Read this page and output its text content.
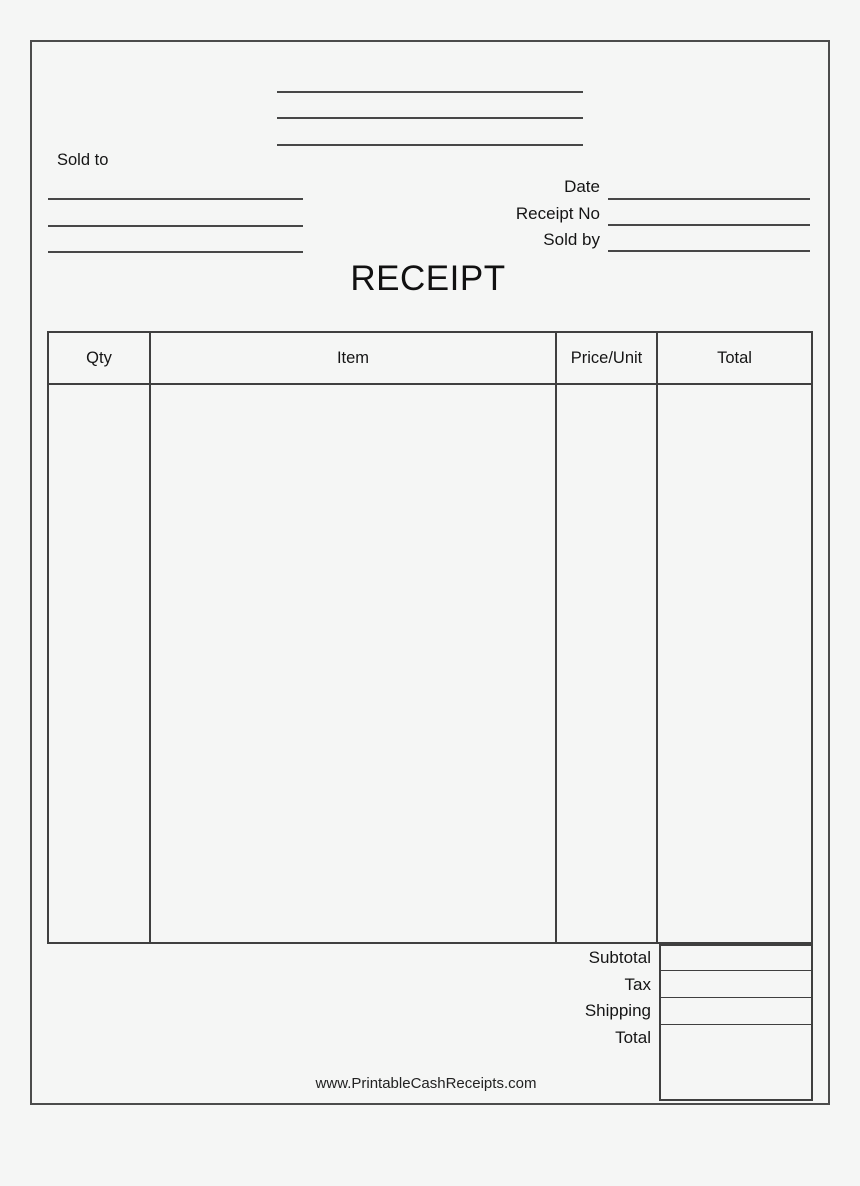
Sold to
Date
Receipt No
Sold by
RECEIPT
Qty	Item	Price/Unit	Total
Subtotal
Tax
Shipping
Total
www.PrintableCashReceipts.com
